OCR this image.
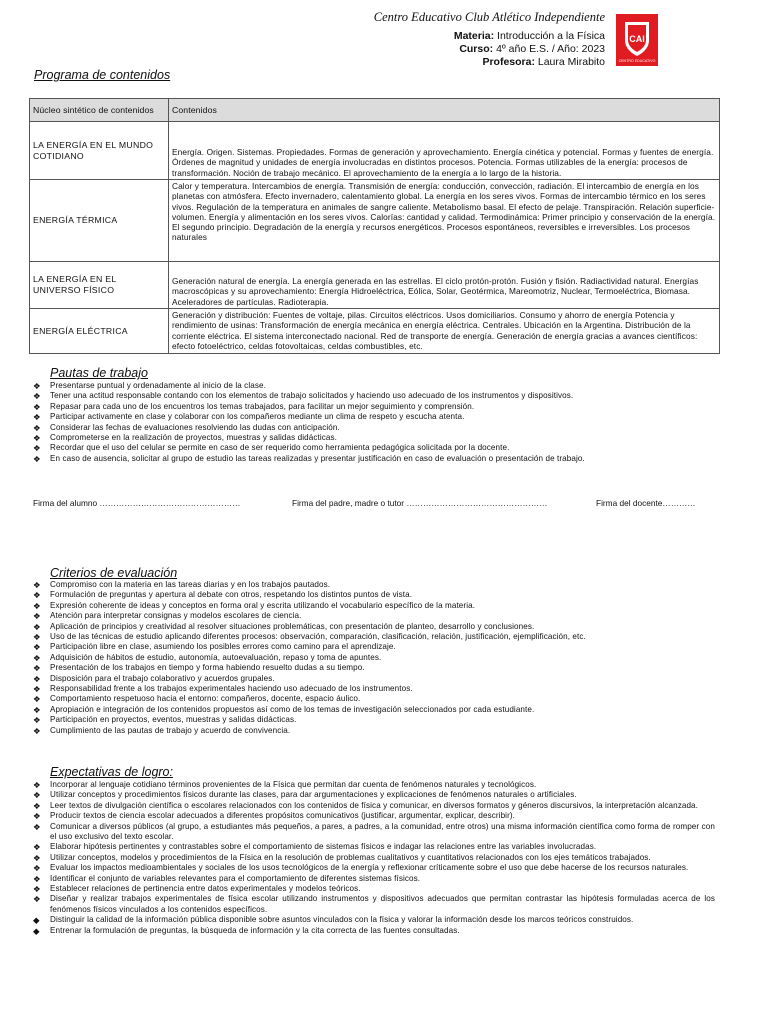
Centro Educativo Club Atlético Independiente
Materia: Introducción a la Física
Curso: 4º año E.S. / Año: 2023
Profesora: Laura Mirabito
CAI
CENTRO EDUCATIVO
Programa de contenidos
Núcleo sintético de contenidos	Contenidos
LA ENERGÍA EN EL MUNDO COTIDIANO	Energía. Origen. Sistemas. Propiedades. Formas de generación y aprovechamiento. Energía cinética y potencial. Formas y fuentes de energía. Órdenes de magnitud y unidades de energía involucradas en distintos procesos. Potencia. Formas utilizables de la energía: procesos de transformación. Noción de trabajo mecánico. El aprovechamiento de la energía a lo largo de la historia.
ENERGÍA TÉRMICA	Calor y temperatura. Intercambios de energía. Transmisión de energía: conducción, convección, radiación. El intercambio de energía en los planetas con atmósfera. Efecto invernadero, calentamiento global. La energía en los seres vivos. Formas de intercambio térmico en los seres vivos. Regulación de la temperatura en animales de sangre caliente. Metabolismo basal. El efecto de pelaje. Transpiración. Relación superficie- volumen. Energía y alimentación en los seres vivos. Calorías: cantidad y calidad. Termodinámica: Primer principio y conservación de la energía. El segundo principio. Degradación de la energía y recursos energéticos. Procesos espontáneos, reversibles e irreversibles. Los procesos naturales
LA ENERGÍA EN EL UNIVERSO FÍSICO	Generación natural de energía. La energía generada en las estrellas. El ciclo protón-protón. Fusión y fisión. Radiactividad natural. Energías macroscópicas y su aprovechamiento: Energía Hidroeléctrica, Eólica, Solar, Geotérmica, Mareomotriz, Nuclear, Termoeléctrica, Biomasa. Aceleradores de partículas. Radioterapia.
ENERGÍA ELÉCTRICA	Generación y distribución: Fuentes de voltaje, pilas. Circuitos eléctricos. Usos domiciliarios. Consumo y ahorro de energía Potencia y rendimiento de usinas: Transformación de energía mecánica en energía eléctrica. Centrales. Ubicación en la Argentina. Distribución de la corriente eléctrica. El sistema interconectado nacional. Red de transporte de energía. Generación de energía gracias a avances científicos: efecto fotoeléctrico, celdas fotovoltaicas, celdas combustibles, etc.
Pautas de trabajo
❖ Presentarse puntual y ordenadamente al inicio de la clase.
❖ Tener una actitud responsable contando con los elementos de trabajo solicitados y haciendo uso adecuado de los instrumentos y dispositivos.
❖ Repasar para cada uno de los encuentros los temas trabajados, para facilitar un mejor seguimiento y comprensión.
❖ Participar activamente en clase y colaborar con los compañeros mediante un clima de respeto y escucha atenta.
❖ Considerar las fechas de evaluaciones resolviendo las dudas con anticipación.
❖ Comprometerse en la realización de proyectos, muestras y salidas didácticas.
❖ Recordar que el uso del celular se permite en caso de ser requerido como herramienta pedagógica solicitada por la docente.
❖ En caso de ausencia, solicitar al grupo de estudio las tareas realizadas y presentar justificación en caso de evaluación o presentación de trabajo.
Firma del alumno ……………………………………………	Firma del padre, madre o tutor ……………………………………………	Firma del docente…………
Criterios de evaluación
❖ Compromiso con la materia en las tareas diarias y en los trabajos pautados.
❖ Formulación de preguntas y apertura al debate con otros, respetando los distintos puntos de vista.
❖ Expresión coherente de ideas y conceptos en forma oral y escrita utilizando el vocabulario específico de la materia.
❖ Atención para interpretar consignas y modelos escolares de ciencia.
❖ Aplicación de principios y creatividad al resolver situaciones problemáticas, con presentación de planteo, desarrollo y conclusiones.
❖ Uso de las técnicas de estudio aplicando diferentes procesos: observación, comparación, clasificación, relación, justificación, ejemplificación, etc.
❖ Participación libre en clase, asumiendo los posibles errores como camino para el aprendizaje.
❖ Adquisición de hábitos de estudio, autonomía, autoevaluación, repaso y toma de apuntes.
❖ Presentación de los trabajos en tiempo y forma habiendo resuelto dudas a su tiempo.
❖ Disposición para el trabajo colaborativo y acuerdos grupales.
❖ Responsabilidad frente a los trabajos experimentales haciendo uso adecuado de los instrumentos.
❖ Comportamiento respetuoso hacia el entorno: compañeros, docente, espacio áulico.
❖ Apropiación e integración de los contenidos propuestos así como de los temas de investigación seleccionados por cada estudiante.
❖ Participación en proyectos, eventos, muestras y salidas didácticas.
❖ Cumplimiento de las pautas de trabajo y acuerdo de convivencia.
Expectativas de logro:
❖ Incorporar al lenguaje cotidiano términos provenientes de la Física que permitan dar cuenta de fenómenos naturales y tecnológicos.
❖ Utilizar conceptos y procedimientos físicos durante las clases, para dar argumentaciones y explicaciones de fenómenos naturales o artificiales.
❖ Leer textos de divulgación científica o escolares relacionados con los contenidos de física y comunicar, en diversos formatos y géneros discursivos, la interpretación alcanzada.
❖ Producir textos de ciencia escolar adecuados a diferentes propósitos comunicativos (justificar, argumentar, explicar, describir).
❖ Comunicar a diversos públicos (al grupo, a estudiantes más pequeños, a pares, a padres, a la comunidad, entre otros) una misma información científica como forma de romper con el uso exclusivo del texto escolar.
❖ Elaborar hipótesis pertinentes y contrastables sobre el comportamiento de sistemas físicos e indagar las relaciones entre las variables involucradas.
❖ Utilizar conceptos, modelos y procedimientos de la Física en la resolución de problemas cualitativos y cuantitativos relacionados con los ejes temáticos trabajados.
❖ Evaluar los impactos medioambientales y sociales de los usos tecnológicos de la energía y reflexionar críticamente sobre el uso que debe hacerse de los recursos naturales.
❖ Identificar el conjunto de variables relevantes para el comportamiento de diferentes sistemas físicos.
❖ Establecer relaciones de pertinencia entre datos experimentales y modelos teóricos.
❖ Diseñar y realizar trabajos experimentales de física escolar utilizando instrumentos y dispositivos adecuados que permitan contrastar las hipótesis formuladas acerca de los fenómenos físicos vinculados a los contenidos específicos.
◆ Distinguir la calidad de la información pública disponible sobre asuntos vinculados con la física y valorar la información desde los marcos teóricos construidos.
◆ Entrenar la formulación de preguntas, la búsqueda de información y la cita correcta de las fuentes consultadas.
